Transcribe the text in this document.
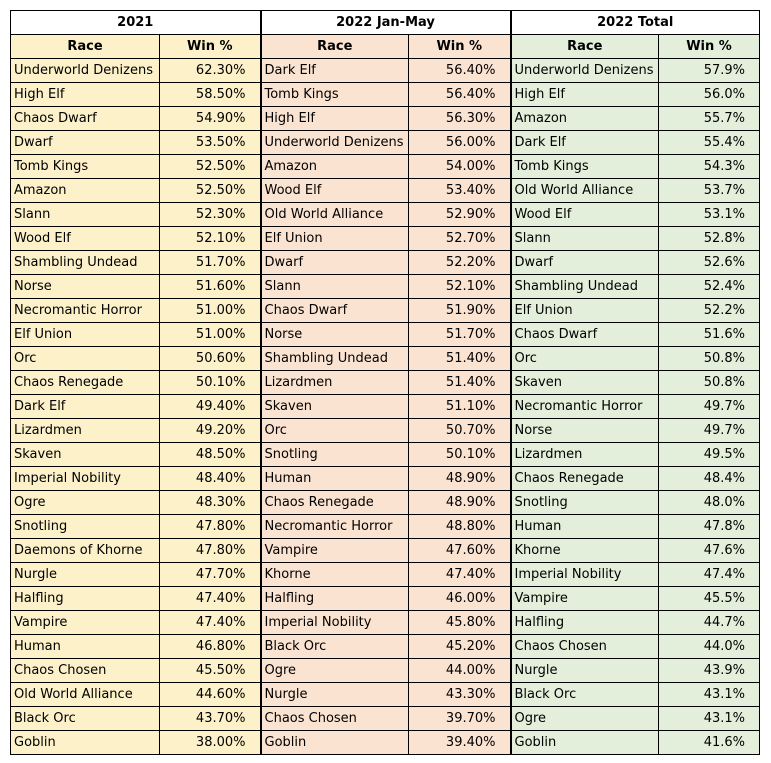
2021		2022 Jan-May		2022 Total	
Race	Win %	Race	Win %	Race	Win %
Underworld Denizens	62.30%	Dark Elf	56.40%	Underworld Denizens	57.9%
High Elf	58.50%	Tomb Kings	56.40%	High Elf	56.0%
Chaos Dwarf	54.90%	High Elf	56.30%	Amazon	55.7%
Dwarf	53.50%	Underworld Denizens	56.00%	Dark Elf	55.4%
Tomb Kings	52.50%	Amazon	54.00%	Tomb Kings	54.3%
Amazon	52.50%	Wood Elf	53.40%	Old World Alliance	53.7%
Slann	52.30%	Old World Alliance	52.90%	Wood Elf	53.1%
Wood Elf	52.10%	Elf Union	52.70%	Slann	52.8%
Shambling Undead	51.70%	Dwarf	52.20%	Dwarf	52.6%
Norse	51.60%	Slann	52.10%	Shambling Undead	52.4%
Necromantic Horror	51.00%	Chaos Dwarf	51.90%	Elf Union	52.2%
Elf Union	51.00%	Norse	51.70%	Chaos Dwarf	51.6%
Orc	50.60%	Shambling Undead	51.40%	Orc	50.8%
Chaos Renegade	50.10%	Lizardmen	51.40%	Skaven	50.8%
Dark Elf	49.40%	Skaven	51.10%	Necromantic Horror	49.7%
Lizardmen	49.20%	Orc	50.70%	Norse	49.7%
Skaven	48.50%	Snotling	50.10%	Lizardmen	49.5%
Imperial Nobility	48.40%	Human	48.90%	Chaos Renegade	48.4%
Ogre	48.30%	Chaos Renegade	48.90%	Snotling	48.0%
Snotling	47.80%	Necromantic Horror	48.80%	Human	47.8%
Daemons of Khorne	47.80%	Vampire	47.60%	Khorne	47.6%
Nurgle	47.70%	Khorne	47.40%	Imperial Nobility	47.4%
Halfling	47.40%	Halfling	46.00%	Vampire	45.5%
Vampire	47.40%	Imperial Nobility	45.80%	Halfling	44.7%
Human	46.80%	Black Orc	45.20%	Chaos Chosen	44.0%
Chaos Chosen	45.50%	Ogre	44.00%	Nurgle	43.9%
Old World Alliance	44.60%	Nurgle	43.30%	Black Orc	43.1%
Black Orc	43.70%	Chaos Chosen	39.70%	Ogre	43.1%
Goblin	38.00%	Goblin	39.40%	Goblin	41.6%
